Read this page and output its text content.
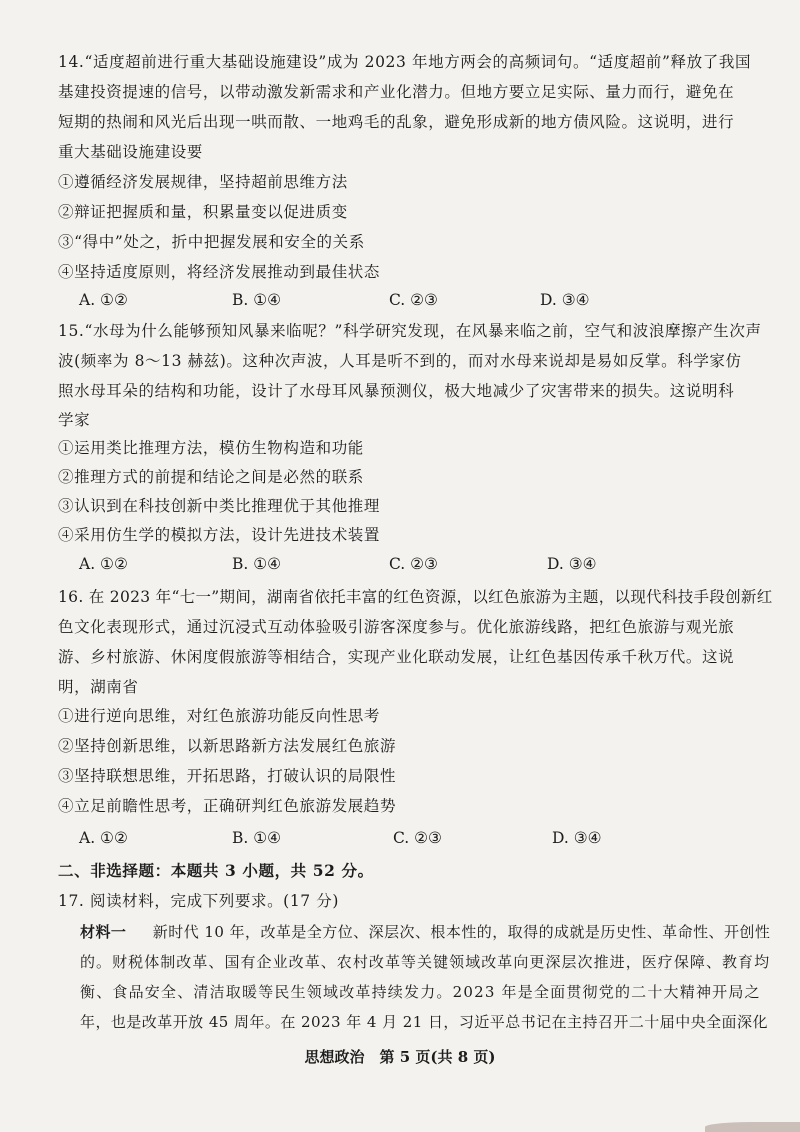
14.“适度超前进行重大基础设施建设”成为 2023 年地方两会的高频词句。“适度超前”释放了我国
基建投资提速的信号，以带动激发新需求和产业化潜力。但地方要立足实际、量力而行，避免在
短期的热闹和风光后出现一哄而散、一地鸡毛的乱象，避免形成新的地方债风险。这说明，进行
重大基础设施建设要
①遵循经济发展规律，坚持超前思维方法
②辩证把握质和量，积累量变以促进质变
③“得中”处之，折中把握发展和安全的关系
④坚持适度原则，将经济发展推动到最佳状态
A. ①②	B. ①④	C. ②③	D. ③④
15.“水母为什么能够预知风暴来临呢？”科学研究发现，在风暴来临之前，空气和波浪摩擦产生次声
波(频率为 8～13 赫兹)。这种次声波，人耳是听不到的，而对水母来说却是易如反掌。科学家仿
照水母耳朵的结构和功能，设计了水母耳风暴预测仪，极大地减少了灾害带来的损失。这说明科
学家
①运用类比推理方法，模仿生物构造和功能
②推理方式的前提和结论之间是必然的联系
③认识到在科技创新中类比推理优于其他推理
④采用仿生学的模拟方法，设计先进技术装置
A. ①②	B. ①④	C. ②③	D. ③④
16. 在 2023 年“七一”期间，湖南省依托丰富的红色资源，以红色旅游为主题，以现代科技手段创新红
色文化表现形式，通过沉浸式互动体验吸引游客深度参与。优化旅游线路，把红色旅游与观光旅
游、乡村旅游、休闲度假旅游等相结合，实现产业化联动发展，让红色基因传承千秋万代。这说
明，湖南省
①进行逆向思维，对红色旅游功能反向性思考
②坚持创新思维，以新思路新方法发展红色旅游
③坚持联想思维，开拓思路，打破认识的局限性
④立足前瞻性思考，正确研判红色旅游发展趋势
A. ①②	B. ①④	C. ②③	D. ③④
二、非选择题：本题共 3 小题，共 52 分。
17. 阅读材料，完成下列要求。(17 分)
材料一 新时代 10 年，改革是全方位、深层次、根本性的，取得的成就是历史性、革命性、开创性
的。财税体制改革、国有企业改革、农村改革等关键领域改革向更深层次推进，医疗保障、教育均
衡、食品安全、清洁取暖等民生领域改革持续发力。2023 年是全面贯彻党的二十大精神开局之
年，也是改革开放 45 周年。在 2023 年 4 月 21 日，习近平总书记在主持召开二十届中央全面深化
思想政治　第 5 页(共 8 页)
